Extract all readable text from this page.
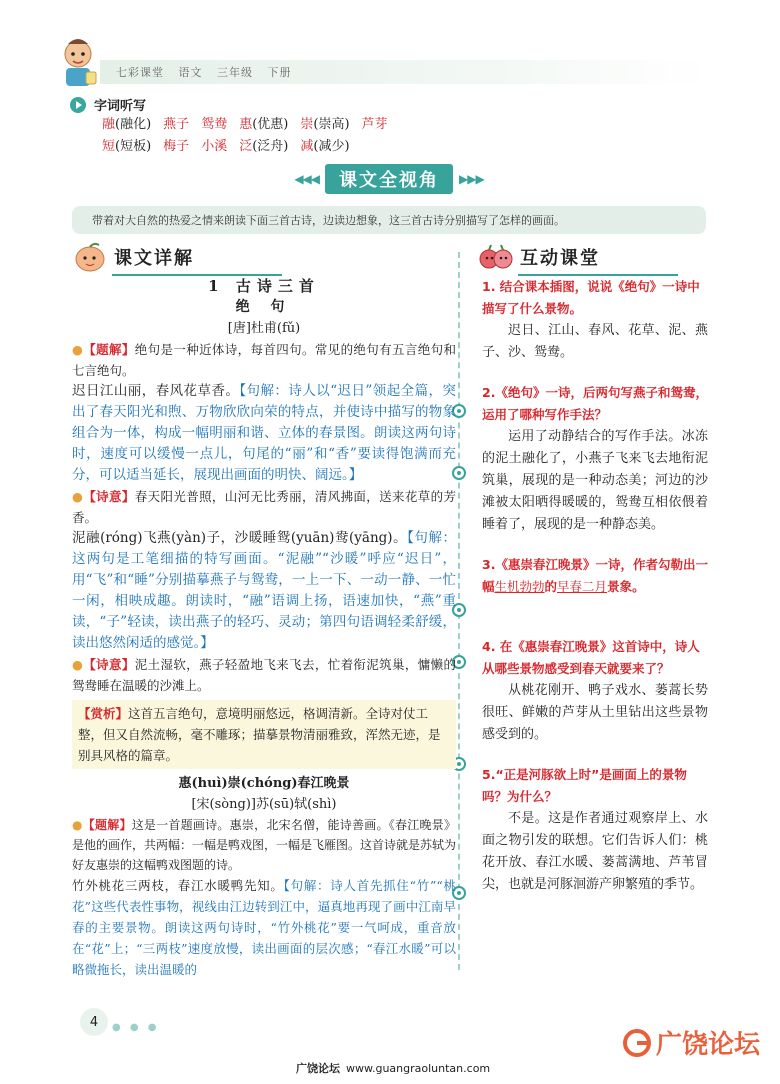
七彩课堂 语文 三年级 下册
字词听写
融(融化) 燕子 鸳鸯 惠(优惠) 崇(崇高) 芦芽
短(短板) 梅子 小溪 泛(泛舟) 减(减少)
◀◀◀	课文全视角	▶▶▶
带着对大自然的热爱之情来朗读下面三首古诗，边读边想象，这三首古诗分别描写了怎样的画面。
课文详解	互动课堂
1 古诗三首
绝 句
[唐]杜甫(fǔ)

●【题解】绝句是一种近体诗，每首四句。常见的绝句有五言绝句和七言绝句。

迟日江山丽，春风花草香。【句解：诗人以“迟日”领起全篇，突出了春天阳光和煦、万物欣欣向荣的特点，并使诗中描写的物象组合为一体，构成一幅明丽和谐、立体的春景图。朗读这两句诗时，速度可以缓慢一点儿，句尾的“丽”和“香”要读得饱满而充分，可以适当延长，展现出画面的明快、阔远。】

●【诗意】春天阳光普照，山河无比秀丽，清风拂面，送来花草的芳香。

泥融(róng)飞燕(yàn)子，沙暖睡鸳(yuān)鸯(yāng)。【句解：这两句是工笔细描的特写画面。“泥融”“沙暖”呼应“迟日”，用“飞”和“睡”分别描摹燕子与鸳鸯，一上一下、一动一静、一忙一闲，相映成趣。朗读时，“融”语调上扬，语速加快，“燕”重读，“子”轻读，读出燕子的轻巧、灵动；第四句语调轻柔舒缓，读出悠然闲适的感觉。】

●【诗意】泥土湿软，燕子轻盈地飞来飞去，忙着衔泥筑巢，慵懒的鸳鸯睡在温暖的沙滩上。

【赏析】这首五言绝句，意境明丽悠远，格调清新。全诗对仗工整，但又自然流畅，毫不雕琢；描摹景物清丽雅致，浑然无迹，是别具风格的篇章。
惠(huì)崇(chóng)春江晚景
[宋(sòng)]苏(sū)轼(shì)

●【题解】这是一首题画诗。惠崇，北宋名僧，能诗善画。《春江晚景》是他的画作，共两幅：一幅是鸭戏图，一幅是飞雁图。这首诗就是苏轼为好友惠崇的这幅鸭戏图题的诗。

竹外桃花三两枝，春江水暖鸭先知。【句解：诗人首先抓住“竹”“桃花”这些代表性事物，视线由江边转到江中，逼真地再现了画中江南早春的主要景物。朗读这两句诗时，“竹外桃花”要一气呵成，重音放在“花”上；“三两枝”速度放慢，读出画面的层次感；“春江水暖”可以略微拖长，读出温暖的

1. 结合课本插图，说说《绝句》一诗中描写了什么景物。
迟日、江山、春风、花草、泥、燕子、沙、鸳鸯。
2.《绝句》一诗，后两句写燕子和鸳鸯，运用了哪种写作手法？
运用了动静结合的写作手法。冰冻的泥土融化了，小燕子飞来飞去地衔泥筑巢，展现的是一种动态美；河边的沙滩被太阳晒得暖暖的，鸳鸯互相依偎着睡着了，展现的是一种静态美。
3.《惠崇春江晚景》一诗，作者勾勒出一幅生机勃勃的早春二月景象。
4. 在《惠崇春江晚景》这首诗中，诗人从哪些景物感受到春天就要来了？
从桃花刚开、鸭子戏水、蒌蒿长势很旺、鲜嫩的芦芽从土里钻出这些景物感受到的。
5.“正是河豚欲上时”是画面上的景物吗？为什么？
不是。这是作者通过观察岸上、水面之物引发的联想。它们告诉人们：桃花开放、春江水暖、蒌蒿满地、芦苇冒尖，也就是河豚洄游产卵繁殖的季节。
4	● ● ●
广饶论坛 www.guangraoluntan.com
广饶论坛
